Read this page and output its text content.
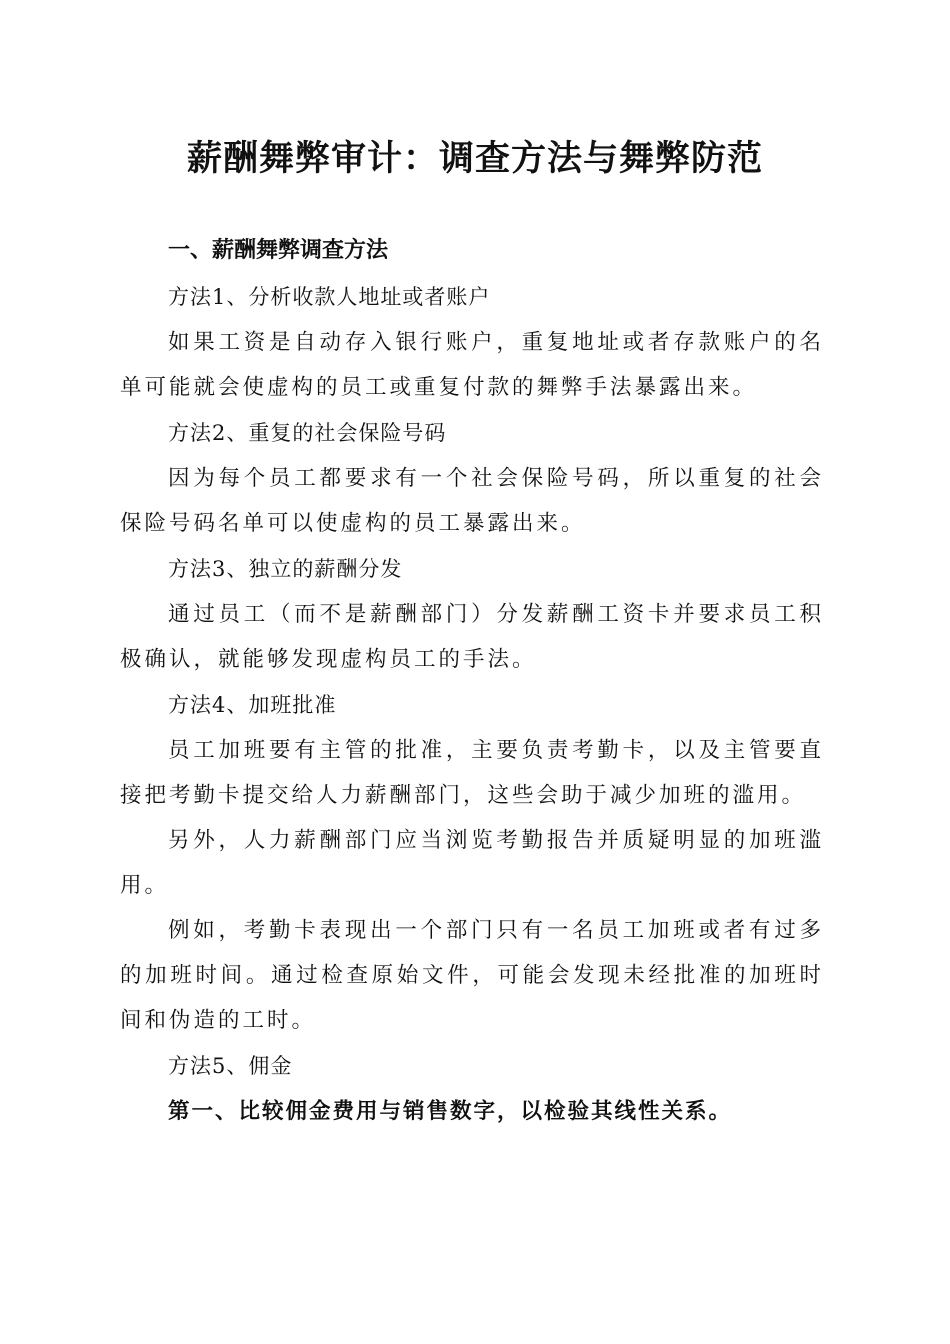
薪酬舞弊审计：调查方法与舞弊防范

一、薪酬舞弊调查方法

方法1、分析收款人地址或者账户

如果工资是自动存入银行账户，重复地址或者存款账户的名单可能就会使虚构的员工或重复付款的舞弊手法暴露出来。

方法2、重复的社会保险号码

因为每个员工都要求有一个社会保险号码，所以重复的社会保险号码名单可以使虚构的员工暴露出来。

方法3、独立的薪酬分发

通过员工（而不是薪酬部门）分发薪酬工资卡并要求员工积极确认，就能够发现虚构员工的手法。

方法4、加班批准

员工加班要有主管的批准，主要负责考勤卡，以及主管要直接把考勤卡提交给人力薪酬部门，这些会助于减少加班的滥用。

另外，人力薪酬部门应当浏览考勤报告并质疑明显的加班滥用。

例如，考勤卡表现出一个部门只有一名员工加班或者有过多的加班时间。通过检查原始文件，可能会发现未经批准的加班时间和伪造的工时。

方法5、佣金

第一、比较佣金费用与销售数字，以检验其线性关系。
